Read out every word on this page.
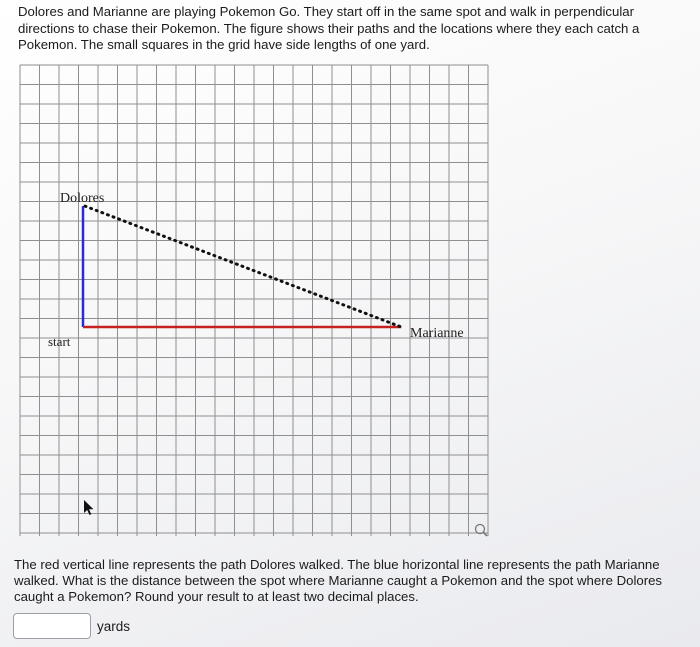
Dolores and Marianne are playing Pokemon Go. They start off in the same spot and walk in perpendicular directions to chase their Pokemon. The figure shows their paths and the locations where they each catch a Pokemon. The small squares in the grid have side lengths of one yard.

Dolores
Marianne
start

The red vertical line represents the path Dolores walked. The blue horizontal line represents the path Marianne walked. What is the distance between the spot where Marianne caught a Pokemon and the spot where Dolores caught a Pokemon? Round your result to at least two decimal places.

yards
